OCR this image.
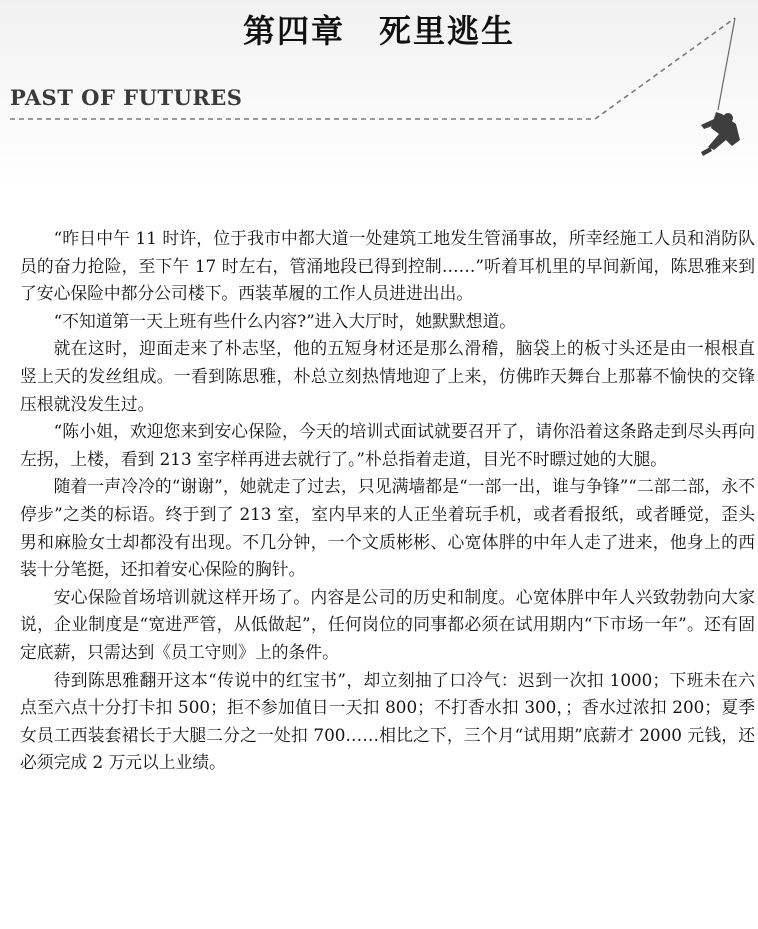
第四章　死里逃生
PAST OF FUTURES

“昨日中午 11 时许，位于我市中都大道一处建筑工地发生管涌事故，所幸经施工人员和消防队员的奋力抢险，至下午 17 时左右，管涌地段已得到控制……”听着耳机里的早间新闻，陈思雅来到了安心保险中都分公司楼下。西装革履的工作人员进进出出。

“不知道第一天上班有些什么内容?”进入大厅时，她默默想道。

就在这时，迎面走来了朴志坚，他的五短身材还是那么滑稽，脑袋上的板寸头还是由一根根直竖上天的发丝组成。一看到陈思雅，朴总立刻热情地迎了上来，仿佛昨天舞台上那幕不愉快的交锋压根就没发生过。

“陈小姐，欢迎您来到安心保险，今天的培训式面试就要召开了，请你沿着这条路走到尽头再向左拐，上楼，看到 213 室字样再进去就行了。”朴总指着走道，目光不时瞟过她的大腿。

随着一声冷冷的“谢谢”，她就走了过去，只见满墙都是“一部一出，谁与争锋”“二部二部，永不停步”之类的标语。终于到了 213 室，室内早来的人正坐着玩手机，或者看报纸，或者睡觉，歪头男和麻脸女士却都没有出现。不几分钟，一个文质彬彬、心宽体胖的中年人走了进来，他身上的西装十分笔挺，还扣着安心保险的胸针。

安心保险首场培训就这样开场了。内容是公司的历史和制度。心宽体胖中年人兴致勃勃向大家说，企业制度是“宽进严管，从低做起”，任何岗位的同事都必须在试用期内“下市场一年”。还有固定底薪，只需达到《员工守则》上的条件。

待到陈思雅翻开这本“传说中的红宝书”，却立刻抽了口冷气：迟到一次扣 1000；下班未在六点至六点十分打卡扣 500；拒不参加值日一天扣 800；不打香水扣 300，；香水过浓扣 200；夏季女员工西装套裙长于大腿二分之一处扣 700……相比之下，三个月“试用期”底薪才 2000 元钱，还必须完成 2 万元以上业绩。
